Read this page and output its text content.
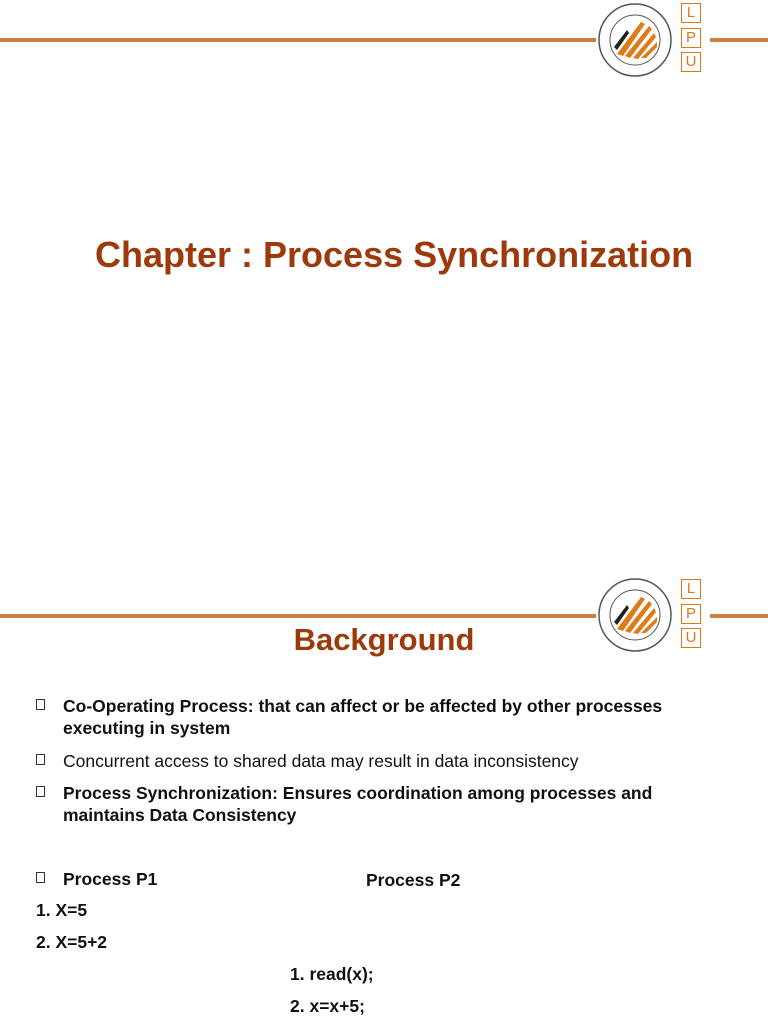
L
P
U
Chapter : Process Synchronization
L
P
U
Background
Co-Operating Process: that can affect or be affected by other processes executing in system
Concurrent access to shared data may result in data inconsistency
Process Synchronization: Ensures coordination among processes and maintains Data Consistency
Process P1	Process P2
1. X=5
2. X=5+2
1. read(x);
2. x=x+5;
